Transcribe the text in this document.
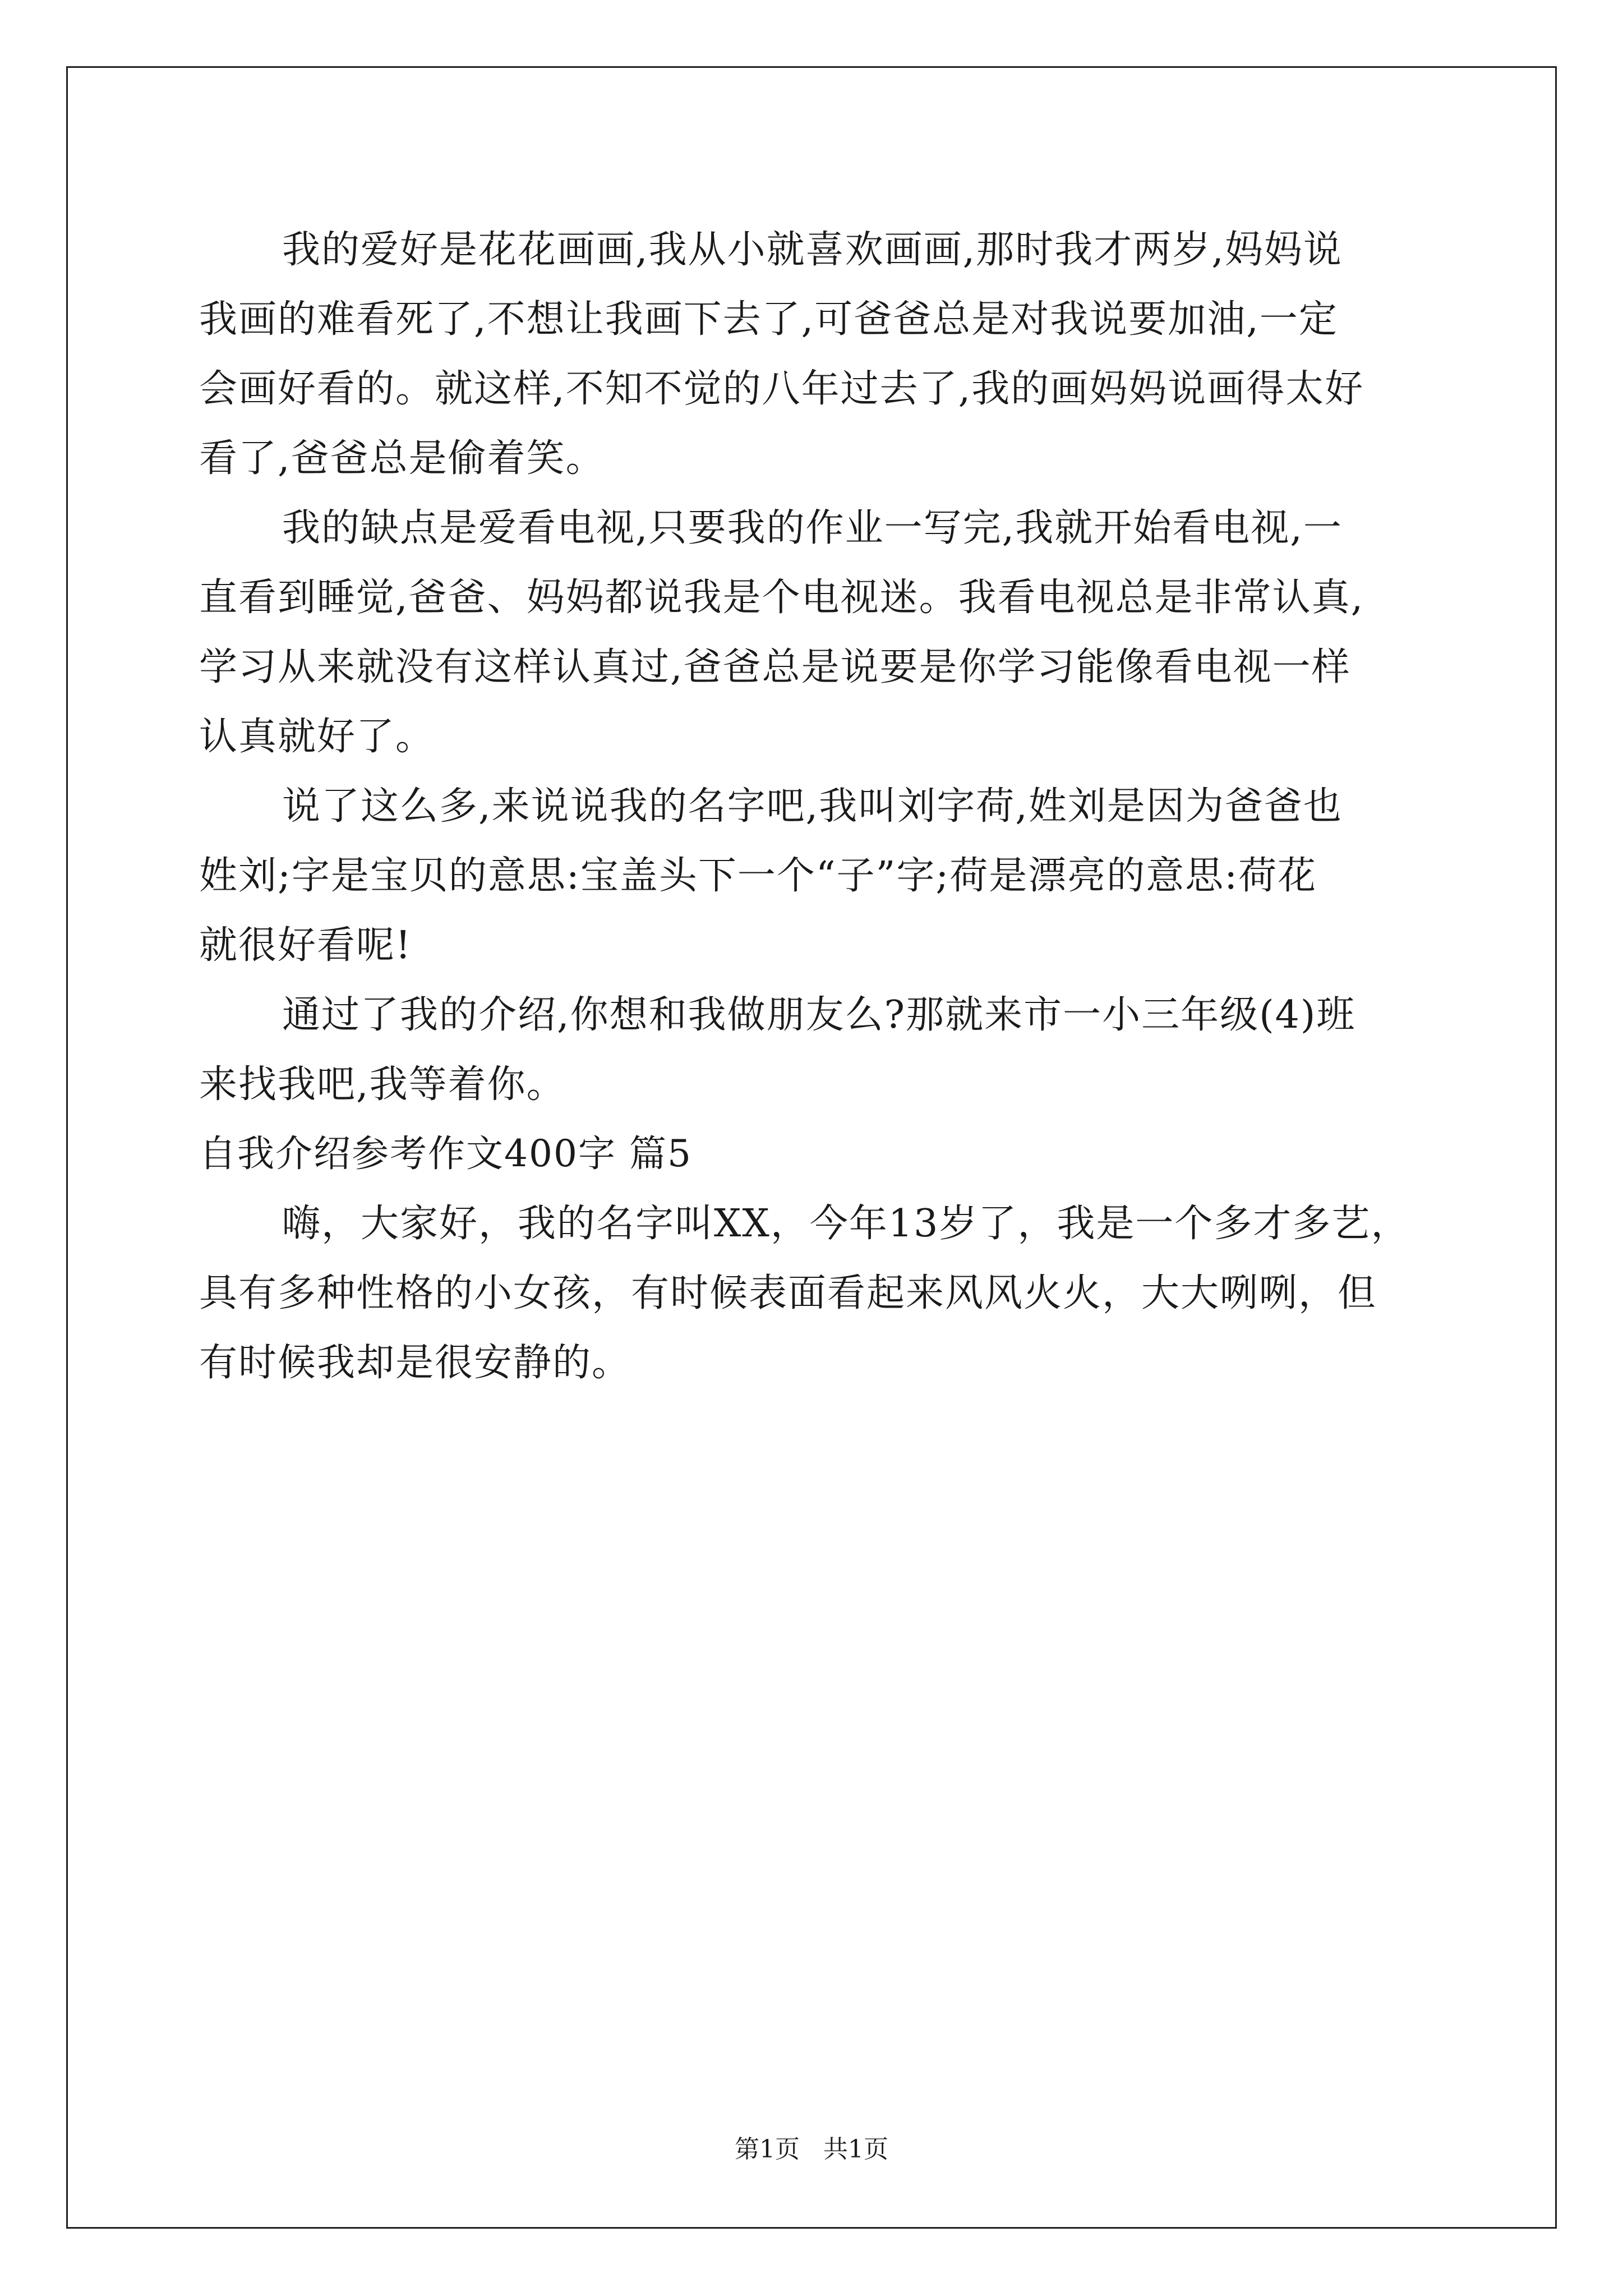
我的爱好是花花画画,我从小就喜欢画画,那时我才两岁,妈妈说
我画的难看死了,不想让我画下去了,可爸爸总是对我说要加油,一定
会画好看的。就这样,不知不觉的八年过去了,我的画妈妈说画得太好
看了,爸爸总是偷着笑。
我的缺点是爱看电视,只要我的作业一写完,我就开始看电视,一
直看到睡觉,爸爸、妈妈都说我是个电视迷。我看电视总是非常认真,
学习从来就没有这样认真过,爸爸总是说要是你学习能像看电视一样
认真就好了。
说了这么多,来说说我的名字吧,我叫刘字荷,姓刘是因为爸爸也
姓刘;字是宝贝的意思:宝盖头下一个“子”字;荷是漂亮的意思:荷花
就很好看呢!
通过了我的介绍,你想和我做朋友么?那就来市一小三年级(4)班
来找我吧,我等着你。
自我介绍参考作文400字 篇5
嗨，大家好，我的名字叫XX，今年13岁了，我是一个多才多艺，
具有多种性格的小女孩，有时候表面看起来风风火火，大大咧咧，但
有时候我却是很安静的。
第1页 共1页
